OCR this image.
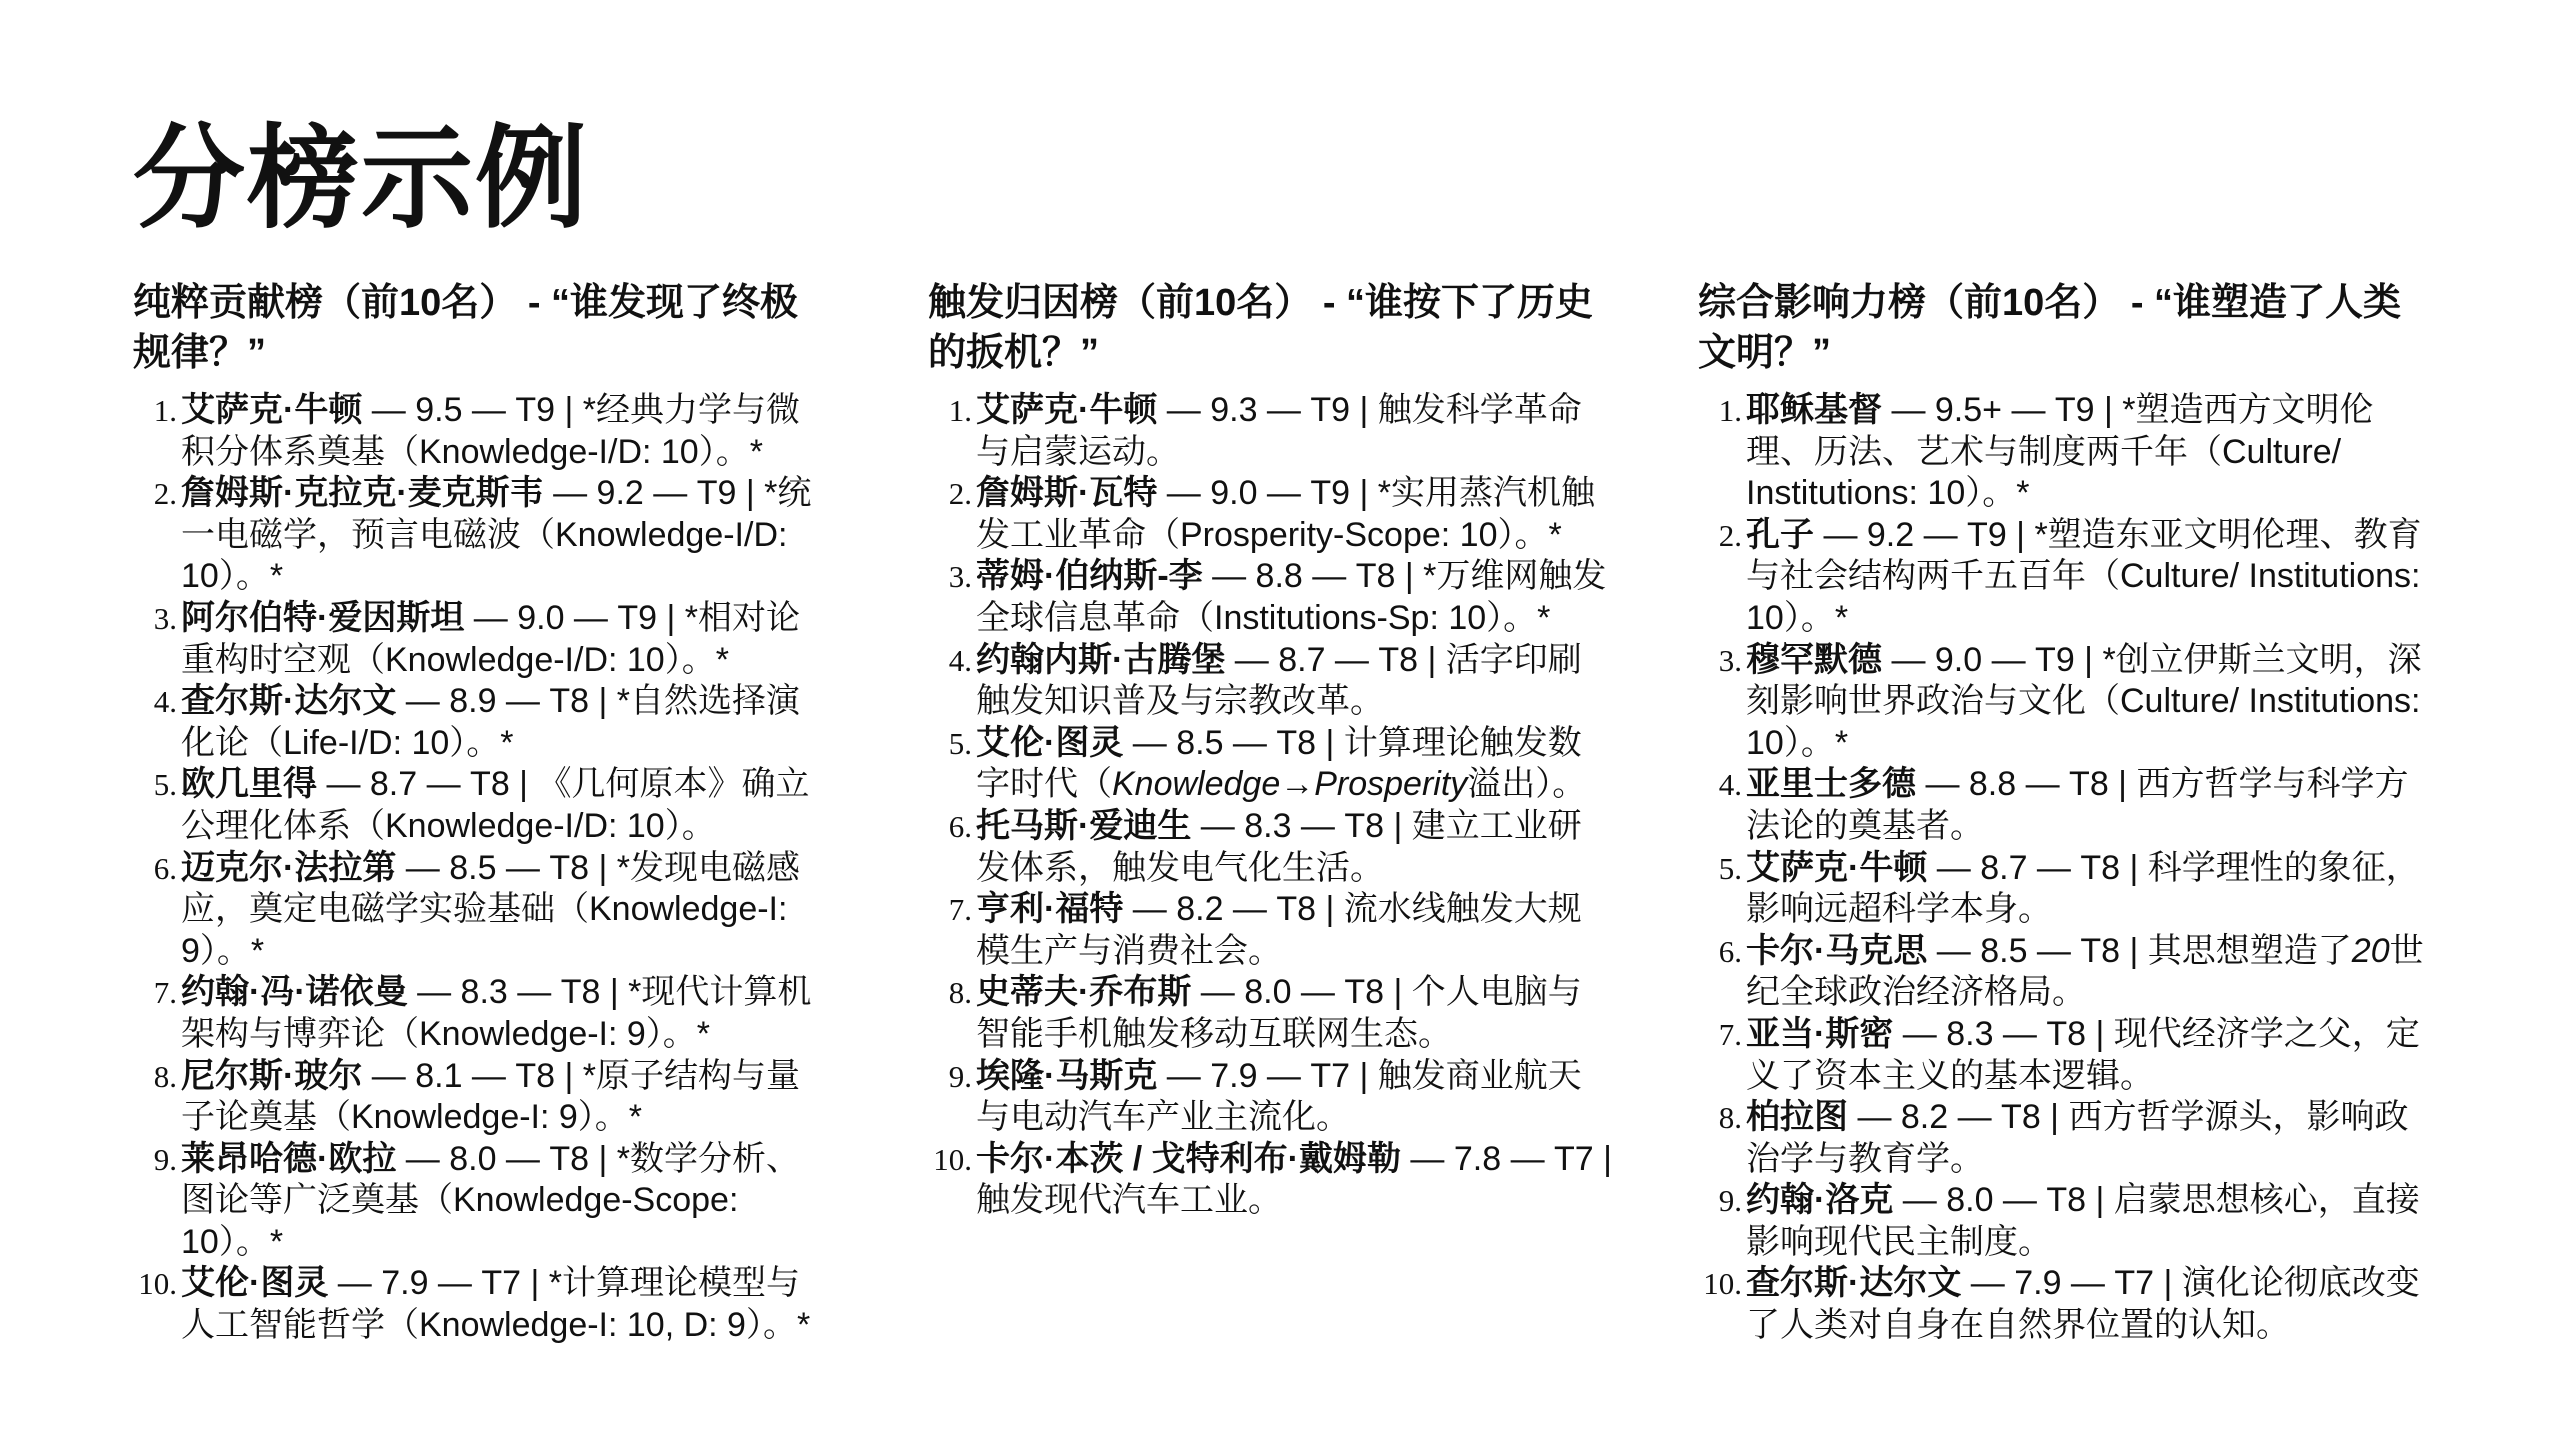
分榜示例
纯粹贡献榜（前10名） - “谁发现了终极规律？”
1. 艾萨克·牛顿 — 9.5 — T9 | *经典力学与微积分体系奠基（Knowledge-I/D: 10）。*
2. 詹姆斯·克拉克·麦克斯韦 — 9.2 — T9 | *统一电磁学，预言电磁波（Knowledge-I/D: 10）。*
3. 阿尔伯特·爱因斯坦 — 9.0 — T9 | *相对论重构时空观（Knowledge-I/D: 10）。*
4. 查尔斯·达尔文 — 8.9 — T8 | *自然选择演化论（Life-I/D: 10）。*
5. 欧几里得 — 8.7 — T8 | 《几何原本》确立公理化体系（Knowledge-I/D: 10）。
6. 迈克尔·法拉第 — 8.5 — T8 | *发现电磁感应，奠定电磁学实验基础（Knowledge-I: 9）。*
7. 约翰·冯·诺依曼 — 8.3 — T8 | *现代计算机架构与博弈论（Knowledge-I: 9）。*
8. 尼尔斯·玻尔 — 8.1 — T8 | *原子结构与量子论奠基（Knowledge-I: 9）。*
9. 莱昂哈德·欧拉 — 8.0 — T8 | *数学分析、图论等广泛奠基（Knowledge-Scope: 10）。*
10. 艾伦·图灵 — 7.9 — T7 | *计算理论模型与人工智能哲学（Knowledge-I: 10, D: 9）。*
触发归因榜（前10名） - “谁按下了历史的扳机？”
1. 艾萨克·牛顿 — 9.3 — T9 | 触发科学革命与启蒙运动。
2. 詹姆斯·瓦特 — 9.0 — T9 | *实用蒸汽机触发工业革命（Prosperity-Scope: 10）。*
3. 蒂姆·伯纳斯-李 — 8.8 — T8 | *万维网触发全球信息革命（Institutions-Sp: 10）。*
4. 约翰内斯·古腾堡 — 8.7 — T8 | 活字印刷触发知识普及与宗教改革。
5. 艾伦·图灵 — 8.5 — T8 | 计算理论触发数字时代（Knowledge→Prosperity溢出）。
6. 托马斯·爱迪生 — 8.3 — T8 | 建立工业研发体系，触发电气化生活。
7. 亨利·福特 — 8.2 — T8 | 流水线触发大规模生产与消费社会。
8. 史蒂夫·乔布斯 — 8.0 — T8 | 个人电脑与智能手机触发移动互联网生态。
9. 埃隆·马斯克 — 7.9 — T7 | 触发商业航天与电动汽车产业主流化。
10. 卡尔·本茨 / 戈特利布·戴姆勒 — 7.8 — T7 | 触发现代汽车工业。
综合影响力榜（前10名） - “谁塑造了人类文明？”
1. 耶稣基督 — 9.5+ — T9 | *塑造西方文明伦理、历法、艺术与制度两千年（Culture/ Institutions: 10）。*
2. 孔子 — 9.2 — T9 | *塑造东亚文明伦理、教育与社会结构两千五百年（Culture/ Institutions: 10）。*
3. 穆罕默德 — 9.0 — T9 | *创立伊斯兰文明，深刻影响世界政治与文化（Culture/ Institutions: 10）。*
4. 亚里士多德 — 8.8 — T8 | 西方哲学与科学方法论的奠基者。
5. 艾萨克·牛顿 — 8.7 — T8 | 科学理性的象征，影响远超科学本身。
6. 卡尔·马克思 — 8.5 — T8 | 其思想塑造了20世纪全球政治经济格局。
7. 亚当·斯密 — 8.3 — T8 | 现代经济学之父，定义了资本主义的基本逻辑。
8. 柏拉图 — 8.2 — T8 | 西方哲学源头，影响政治学与教育学。
9. 约翰·洛克 — 8.0 — T8 | 启蒙思想核心，直接影响现代民主制度。
10. 查尔斯·达尔文 — 7.9 — T7 | 演化论彻底改变了人类对自身在自然界位置的认知。
